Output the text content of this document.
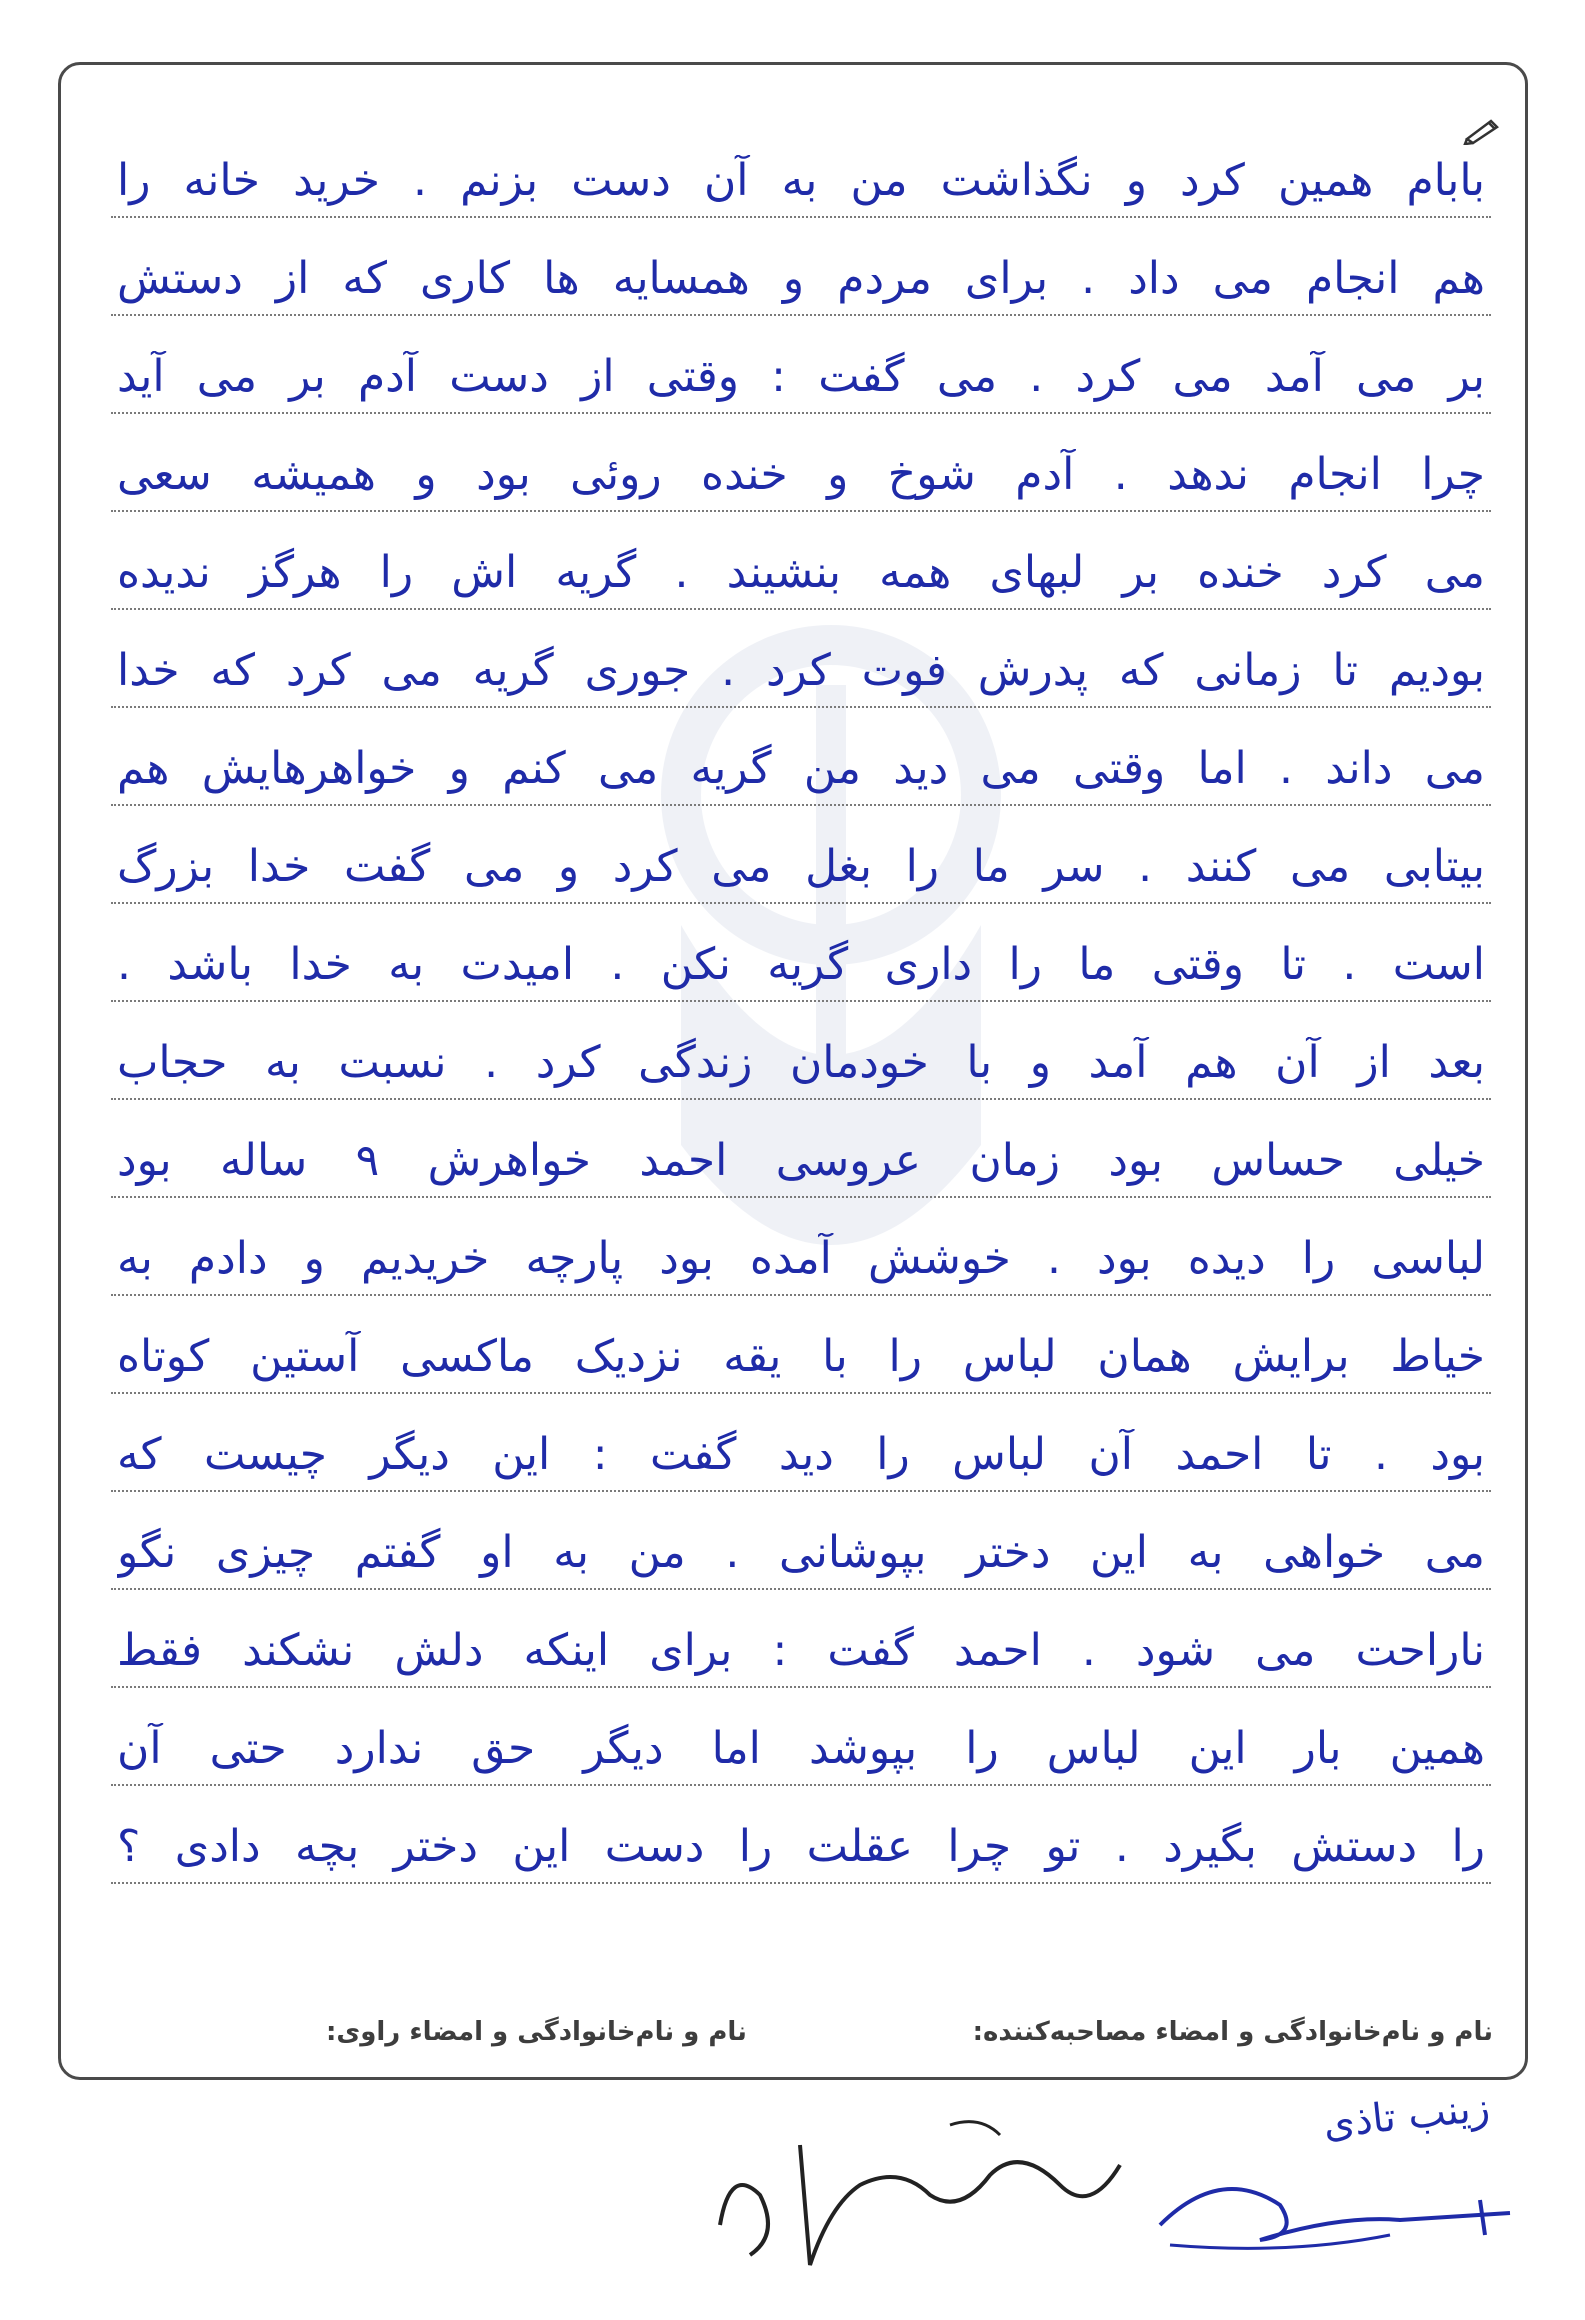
بابام همین کرد و نگذاشت من به آن دست بزنم . خرید خانه را
هم انجام می داد . برای مردم و همسایه ها کاری که از دستش
بر می آمد می کرد . می گفت : وقتی از دست آدم بر می آید
چرا انجام ندهد . آدم شوخ و خنده روئی بود و همیشه سعی
می کرد خنده بر لبهای همه بنشیند . گریه اش را هرگز ندیده
بودیم تا زمانی که پدرش فوت کرد . جوری گریه می کرد که خدا
می داند . اما وقتی می دید من گریه می کنم و خواهرهایش هم
بیتابی می کنند . سر ما را بغل می کرد و می گفت خدا بزرگ
است . تا وقتی ما را داری گریه نکن . امیدت به خدا باشد .
بعد از آن هم آمد و با خودمان زندگی کرد . نسبت به حجاب
خیلی حساس بود زمان عروسی احمد خواهرش ۹ ساله بود
لباسی را دیده بود . خوشش آمده بود پارچه خریدیم و دادم به
خیاط برایش همان لباس را با یقه نزدیک ماکسی آستین کوتاه
بود . تا احمد آن لباس را دید گفت : این دیگر چیست که
می خواهی به این دختر بپوشانی . من به او گفتم چیزی نگو
ناراحت می شود . احمد گفت : برای اینکه دلش نشکند فقط
همین بار این لباس را بپوشد اما دیگر حق ندارد حتی آن
را دستش بگیرد . تو چرا عقلت را دست این دختر بچه دادی ؟
نام و نام‌خانوادگی و امضاء مصاحبه‌کننده:
نام و نام‌خانوادگی و امضاء راوی:
زینب تاذی
